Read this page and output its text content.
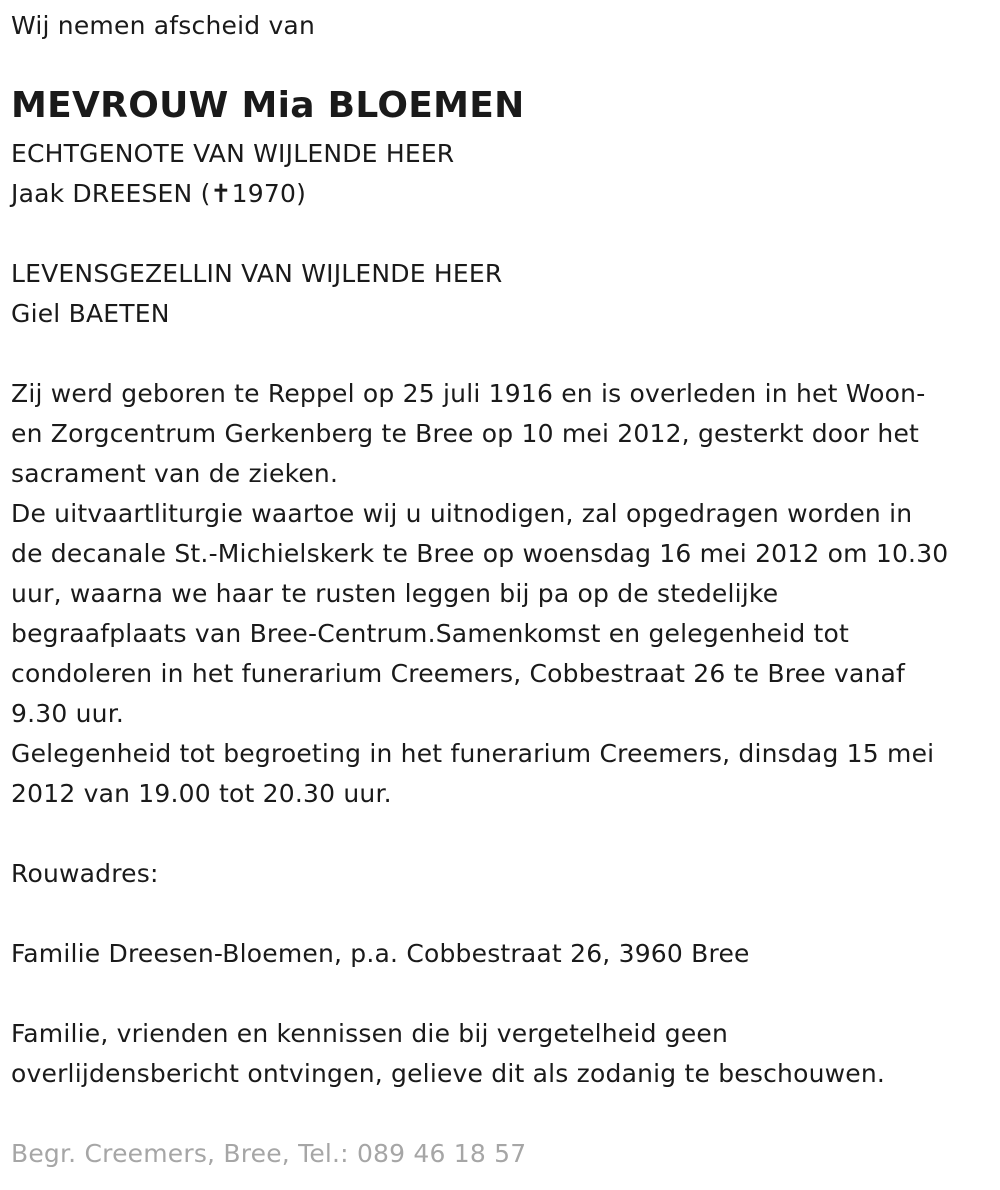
Wij nemen afscheid van
MEVROUW Mia BLOEMEN
ECHTGENOTE VAN WIJLENDE HEER
Jaak DREESEN (✝1970)
LEVENSGEZELLIN VAN WIJLENDE HEER
Giel BAETEN
Zij werd geboren te Reppel op 25 juli 1916 en is overleden in het Woon-
en Zorgcentrum Gerkenberg te Bree op 10 mei 2012, gesterkt door het
sacrament van de zieken.
De uitvaartliturgie waartoe wij u uitnodigen, zal opgedragen worden in
de decanale St.-Michielskerk te Bree op woensdag 16 mei 2012 om 10.30
uur, waarna we haar te rusten leggen bij pa op de stedelijke
begraafplaats van Bree-Centrum.Samenkomst en gelegenheid tot
condoleren in het funerarium Creemers, Cobbestraat 26 te Bree vanaf
9.30 uur.
Gelegenheid tot begroeting in het funerarium Creemers, dinsdag 15 mei
2012 van 19.00 tot 20.30 uur.
Rouwadres:
Familie Dreesen-Bloemen, p.a. Cobbestraat 26, 3960 Bree
Familie, vrienden en kennissen die bij vergetelheid geen
overlijdensbericht ontvingen, gelieve dit als zodanig te beschouwen.
Begr. Creemers, Bree, Tel.: 089 46 18 57
